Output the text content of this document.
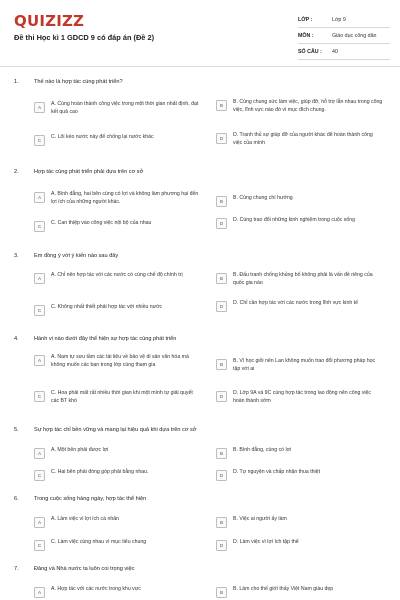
QUIZIZZ
Đề thi Học kì 1 GDCD 9 có đáp án (Đề 2)
LỚP :	Lớp 9
MÔN :	Giáo dục công dân
SỐ CÂU :	40
1.	Thế nào là hợp tác cùng phát triển?
A
A. Cùng hoàn thành công việc trong một thời gian nhất định, đạt kết quả cao
B
B. Cùng chung sức làm việc, giúp đỡ, hỗ trợ lẫn nhau trong công việc, lĩnh vực nào đó vì mục đích chung.
C
C. Lôi kéo nước này để chống lại nước khác	D
D. Tranh thủ sự giúp đỡ của người khác để hoàn thành công việc của mình
2.	Hợp tác cùng phát triển phải dựa trên cơ sở
A
A. Bình đẳng, hai bên cùng có lợi và không làm phương hại đến lợi ích của những người khác.	B
B. Cùng chung chí hướng
C
C. Can thiệp vào công việc nội bộ của nhau	D
D. Cùng trao đổi những kinh nghiệm trong cuộc sống
3.	Em đồng ý với ý kiến nào sau đây
A
A. Chỉ nên hợp tác với các nước có cùng chế độ chính trị
B
B. Đấu tranh chống khủng bố không phải là vấn đề riêng của quốc gia nào
C
C. Không nhất thiết phải hợp tác với nhiều nước	D
D. Chỉ cần hợp tác với các nước trong lĩnh vực kinh tế
4.	Hành vi nào dưới đây thể hiện sự hợp tác cùng phát triển
A
A. Nam tự sưu tầm các tài liệu về bảo vệ di sản văn hóa mà không muốn các bạn trong lớp cùng tham gia	B
B. Vì học giỏi nên Lan không muốn trao đổi phương pháp học tập với ai
C
C. Hoa phải mất rất nhiều thời gian khi một mình tự giải quyết các BT khó
D
D. Lớp 9A và 9C cùng hợp tác trong lao động nên công việc hoàn thành sớm
5.	Sự hợp tác chỉ bền vững và mang lại hiệu quả khi dựa trên cơ sở
A
A. Một bên phải được lợi
B
B. Bình đẳng, cùng có lợi
C
C. Hai bên phải đóng góp phải bằng nhau.
D
D. Tự nguyện và chấp nhận thua thiệt
6.	Trong cuộc sống hàng ngày, hợp tác thể hiện
A
A. Làm việc vì lợi ích cá nhân
B
B. Việc ai người ấy làm
C
C. Làm việc cùng nhau vì mục tiêu chung
D
D. Làm việc vì lợi ích tập thể
7.	Đảng và Nhà nước ta luôn coi trọng việc
A
A. Hợp tác với các nước trong khu vực
B
B. Làm cho thế giới thấy Việt Nam giàu đẹp
